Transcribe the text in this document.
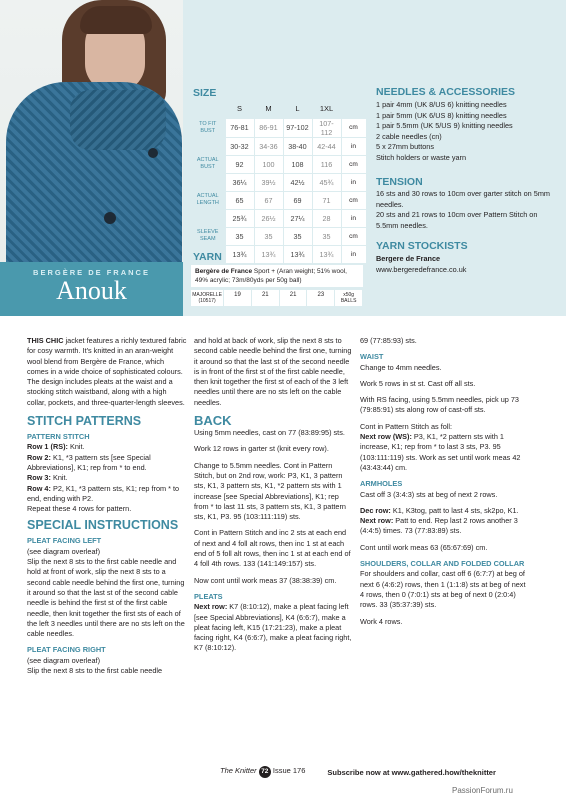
BERGÈRE DE FRANCE
Anouk
SIZE
	S	M	L	1XL	
TO FIT BUST	76-81	86-91	97-102	107-112	cm
	30-32	34-36	38-40	42-44	in
ACTUAL BUST	92	100	108	116	cm
	36¼	39½	42½	45¾	in
ACTUAL LENGTH	65	67	69	71	cm
	25¾	26½	27¼	28	in
SLEEVE SEAM	35	35	35	35	cm
	13¾	13¾	13¾	13¾	in
YARN
Bergère de France Sport + (Aran weight; 51% wool, 49% acrylic; 73m/80yds per 50g ball)
MAJORELLE (10517)
19	21	21	23	x50g BALLS
NEEDLES & ACCESSORIES
1 pair 4mm (UK 8/US 6) knitting needles
1 pair 5mm (UK 6/US 8) knitting needles
1 pair 5.5mm (UK 5/US 9) knitting needles
2 cable needles (cn)
5 x 27mm buttons
Stitch holders or waste yarn
TENSION
16 sts and 30 rows to 10cm over garter stitch on 5mm needles.
20 sts and 21 rows to 10cm over Pattern Stitch on 5.5mm needles.
YARN STOCKISTS
Bergere de France
www.bergeredefrance.co.uk

THIS CHIC jacket features a richly textured fabric for cosy warmth. It's knitted in an aran-weight wool blend from Bergère de France, which comes in a wide choice of sophisticated colours. The design includes pleats at the waist and a stocking stitch waistband, along with a high collar, pockets, and three-quarter-length sleeves.

STITCH PATTERNS
PATTERN STITCH
Row 1 (RS): Knit.
Row 2: K1, *3 pattern sts [see Special Abbreviations], K1; rep from * to end.
Row 3: Knit.
Row 4: P2, K1, *3 pattern sts, K1; rep from * to end, ending with P2.
Repeat these 4 rows for pattern.
SPECIAL INSTRUCTIONS
PLEAT FACING LEFT
(see diagram overleaf)

Slip the next 8 sts to the first cable needle and hold at front of work, slip the next 8 sts to a second cable needle behind the first one, turning it around so that the last st of the second cable needle is behind the first st of the first cable needle, then knit together the first sts of each of the left 3 needles until there are no sts left on the cable needles.

PLEAT FACING RIGHT
(see diagram overleaf)
Slip the next 8 sts to the first cable needle

and hold at back of work, slip the next 8 sts to second cable needle behind the first one, turning it around so that the last st of the second needle is in front of the first st of the first cable needle, then knit together the first st of each of the 3 left needles until there are no sts left on the cable needles.

BACK

Using 5mm needles, cast on 77 (83:89:95) sts.

Work 12 rows in garter st (knit every row).

Change to 5.5mm needles. Cont in Pattern Stitch, but on 2nd row, work: P3, K1, 3 pattern sts, K1, 3 pattern sts, K1, *2 pattern sts with 1 increase [see Special Abbreviations], K1; rep from * to last 11 sts, 3 pattern sts, K1, 3 pattern sts, K1, P3. 95 (103:111:119) sts.

Cont in Pattern Stitch and inc 2 sts at each end of next and 4 foll alt rows, then inc 1 st at each end of 5 foll alt rows, then inc 1 st at each end of 4 foll 4th rows. 133 (141:149:157) sts.

Now cont until work meas 37 (38:38:39) cm.

PLEATS
Next row: K7 (8:10:12), make a pleat facing left [see Special Abbreviations], K4 (6:6:7), make a pleat facing left, K15 (17:21:23), make a pleat facing right, K4 (6:6:7), make a pleat facing right, K7 (8:10:12).

69 (77:85:93) sts.

WAIST

Change to 4mm needles.

Work 5 rows in st st. Cast off all sts.

With RS facing, using 5.5mm needles, pick up 73 (79:85:91) sts along row of cast-off sts.

Cont in Pattern Stitch as foll:

Next row (WS): P3, K1, *2 pattern sts with 1 increase, K1; rep from * to last 3 sts, P3. 95 (103:111:119) sts. Work as set until work meas 42 (43:43:44) cm.

ARMHOLES

Cast off 3 (3:4:3) sts at beg of next 2 rows.

Dec row: K1, K3tog, patt to last 4 sts, sk2po, K1.

Next row: Patt to end. Rep last 2 rows another 3 (4:4:5) times. 73 (77:83:89) sts.

Cont until work meas 63 (65:67:69) cm.

SHOULDERS, COLLAR AND FOLDED COLLAR

For shoulders and collar, cast off 6 (6:7:7) at beg of next 6 (4:6:2) rows, then 1 (1:1:8) sts at beg of next 4 rows, then 0 (7:0:1) sts at beg of next 0 (2:0:4) rows. 33 (35:37:39) sts.

Work 4 rows.

The Knitter 72 Issue 176	Subscribe now at www.gathered.how/theknitter
PassionForum.ru
